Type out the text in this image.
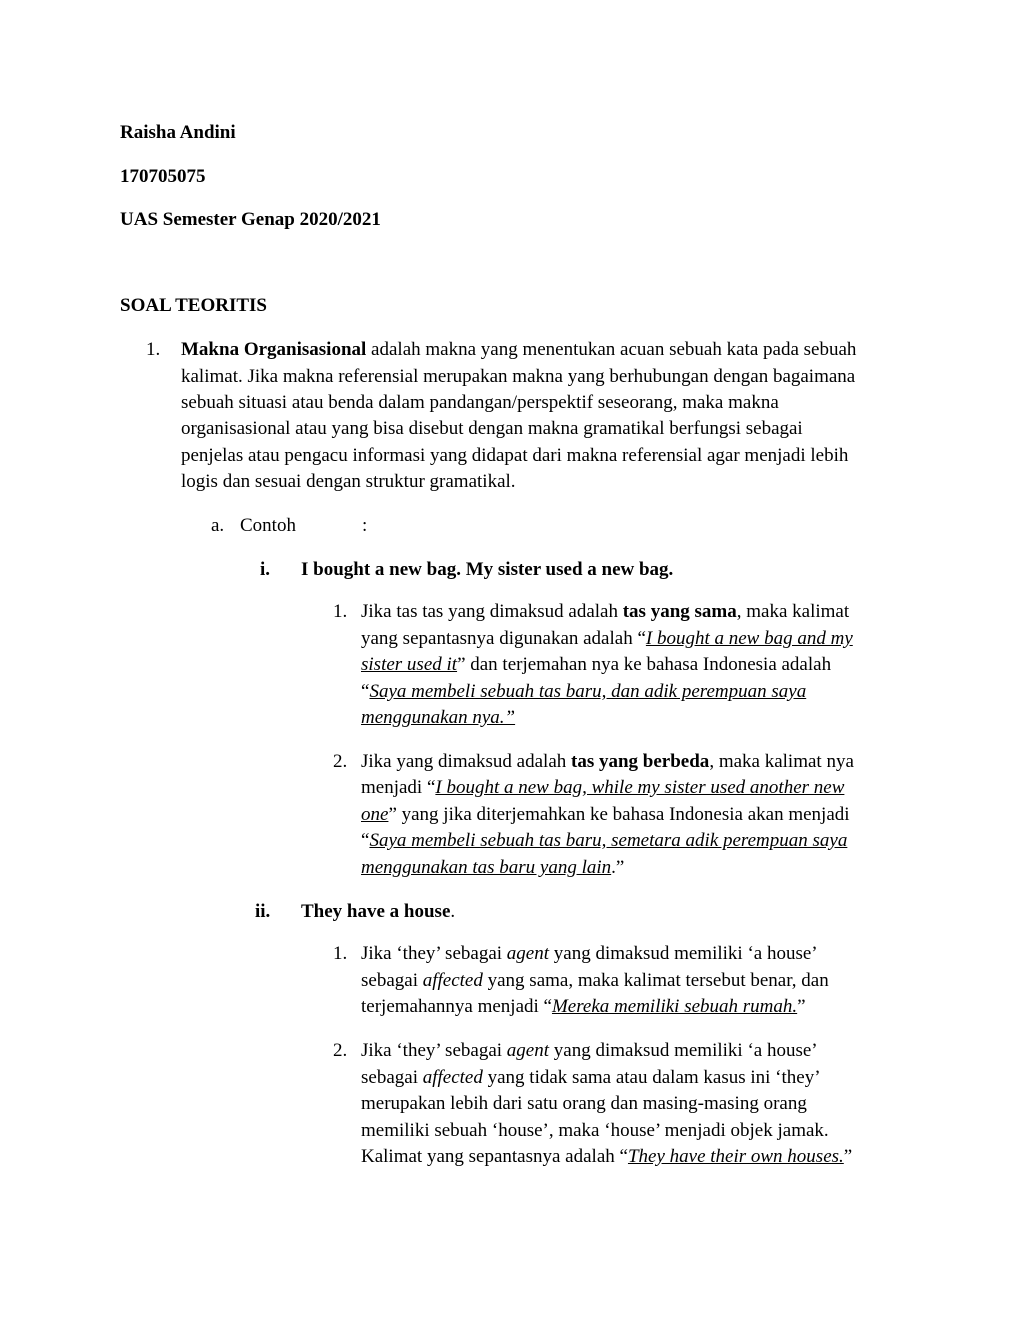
Raisha Andini
170705075
UAS Semester Genap 2020/2021
SOAL TEORITIS
1. Makna Organisasional adalah makna yang menentukan acuan sebuah kata pada sebuah
kalimat. Jika makna referensial merupakan makna yang berhubungan dengan bagaimana
sebuah situasi atau benda dalam pandangan/perspektif seseorang, maka makna
organisasional atau yang bisa disebut dengan makna gramatikal berfungsi sebagai
penjelas atau pengacu informasi yang didapat dari makna referensial agar menjadi lebih
logis dan sesuai dengan struktur gramatikal.
a. Contoh	:
i. I bought a new bag. My sister used a new bag.
1. Jika tas tas yang dimaksud adalah tas yang sama, maka kalimat
yang sepantasnya digunakan adalah “I bought a new bag and my
sister used it” dan terjemahan nya ke bahasa Indonesia adalah
“Saya membeli sebuah tas baru, dan adik perempuan saya
menggunakan nya.”
2. Jika yang dimaksud adalah tas yang berbeda, maka kalimat nya
menjadi “I bought a new bag, while my sister used another new
one” yang jika diterjemahkan ke bahasa Indonesia akan menjadi
“Saya membeli sebuah tas baru, semetara adik perempuan saya
menggunakan tas baru yang lain.”
ii. They have a house.
1. Jika ‘they’ sebagai agent yang dimaksud memiliki ‘a house’
sebagai affected yang sama, maka kalimat tersebut benar, dan
terjemahannya menjadi “Mereka memiliki sebuah rumah.”
2. Jika ‘they’ sebagai agent yang dimaksud memiliki ‘a house’
sebagai affected yang tidak sama atau dalam kasus ini ‘they’
merupakan lebih dari satu orang dan masing-masing orang
memiliki sebuah ‘house’, maka ‘house’ menjadi objek jamak.
Kalimat yang sepantasnya adalah “They have their own houses.”
